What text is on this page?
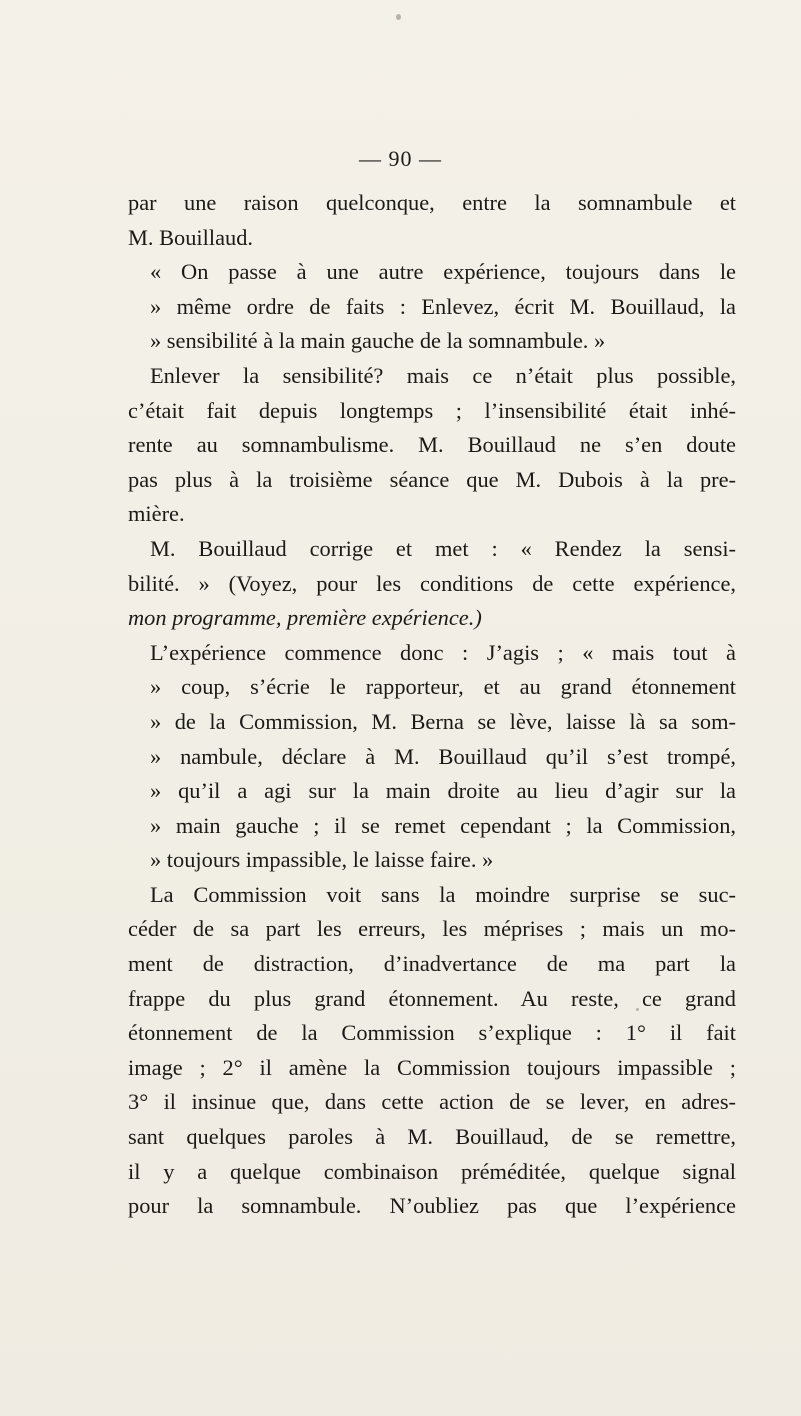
— 90 —
par une raison quelconque, entre la somnambule et
M. Bouillaud.
« On passe à une autre expérience, toujours dans le
» même ordre de faits : Enlevez, écrit M. Bouillaud, la
» sensibilité à la main gauche de la somnambule. »
Enlever la sensibilité? mais ce n’était plus possible,
c’était fait depuis longtemps ; l’insensibilité était inhé-
rente au somnambulisme. M. Bouillaud ne s’en doute
pas plus à la troisième séance que M. Dubois à la pre-
mière.
M. Bouillaud corrige et met : « Rendez la sensi-
bilité. » (Voyez, pour les conditions de cette expérience,
mon programme, première expérience.)
L’expérience commence donc : J’agis ; « mais tout à
» coup, s’écrie le rapporteur, et au grand étonnement
» de la Commission, M. Berna se lève, laisse là sa som-
» nambule, déclare à M. Bouillaud qu’il s’est trompé,
» qu’il a agi sur la main droite au lieu d’agir sur la
» main gauche ; il se remet cependant ; la Commission,
» toujours impassible, le laisse faire. »
La Commission voit sans la moindre surprise se suc-
céder de sa part les erreurs, les méprises ; mais un mo-
ment de distraction, d’inadvertance de ma part la
frappe du plus grand étonnement. Au reste, ce grand
étonnement de la Commission s’explique : 1° il fait
image ; 2° il amène la Commission toujours impassible ;
3° il insinue que, dans cette action de se lever, en adres-
sant quelques paroles à M. Bouillaud, de se remettre,
il y a quelque combinaison préméditée, quelque signal
pour la somnambule. N’oubliez pas que l’expérience
